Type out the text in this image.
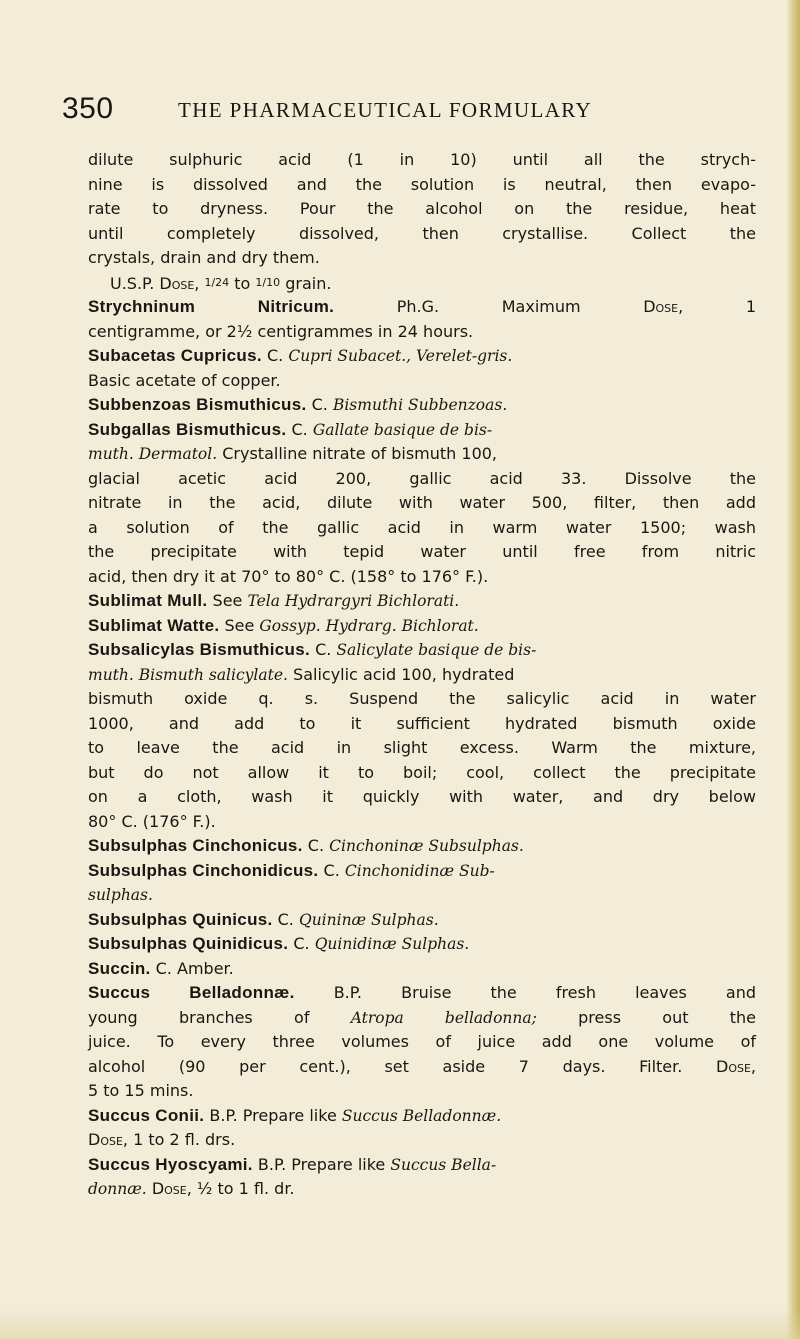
350	THE PHARMACEUTICAL FORMULARY
dilute sulphuric acid (1 in 10) until all the strych-
nine is dissolved and the solution is neutral, then evapo-
rate to dryness. Pour the alcohol on the residue, heat
until completely dissolved, then crystallise. Collect the
crystals, drain and dry them.
U.S.P. Dose, 1/24 to 1/10 grain.
Strychninum Nitricum.	Ph.G. Maximum	Dose,	1
centigramme, or 2½ centigrammes in 24 hours.
Subacetas Cupricus. C. Cupri Subacet., Verelet-gris.
Basic acetate of copper.
Subbenzoas Bismuthicus. C. Bismuthi Subbenzoas.
Subgallas Bismuthicus. C. Gallate basique de bis-
muth. Dermatol. Crystalline nitrate of bismuth 100,
glacial acetic acid 200, gallic acid 33. Dissolve the
nitrate in the acid, dilute with water 500, filter, then add
a solution of the gallic acid in warm water 1500; wash
the precipitate with tepid water until free from nitric
acid, then dry it at 70° to 80° C. (158° to 176° F.).
Sublimat Mull. See Tela Hydrargyri Bichlorati.
Sublimat Watte. See Gossyp. Hydrarg. Bichlorat.
Subsalicylas Bismuthicus. C. Salicylate basique de bis-
muth. Bismuth salicylate. Salicylic acid 100, hydrated
bismuth oxide q. s. Suspend the salicylic acid in water
1000, and add to it sufficient hydrated bismuth oxide
to leave the acid in slight excess. Warm the mixture,
but do not allow it to boil; cool, collect the precipitate
on a cloth, wash it quickly with water, and dry below
80° C. (176° F.).
Subsulphas Cinchonicus. C. Cinchoninæ Subsulphas.
Subsulphas Cinchonidicus. C. Cinchonidinæ Sub-
sulphas.
Subsulphas Quinicus. C. Quininæ Sulphas.
Subsulphas Quinidicus. C. Quinidinæ Sulphas.
Succin. C. Amber.
Succus Belladonnæ. B.P. Bruise the fresh leaves and
young branches of	Atropa belladonna;	press out the
juice. To every three volumes of juice add one volume of
alcohol (90 per cent.), set aside 7 days. Filter. Dose,
5 to 15 mins.
Succus Conii. B.P. Prepare like Succus Belladonnæ.
Dose, 1 to 2 fl. drs.
Succus Hyoscyami. B.P. Prepare like Succus Bella-
donnæ. Dose, ½ to 1 fl. dr.
